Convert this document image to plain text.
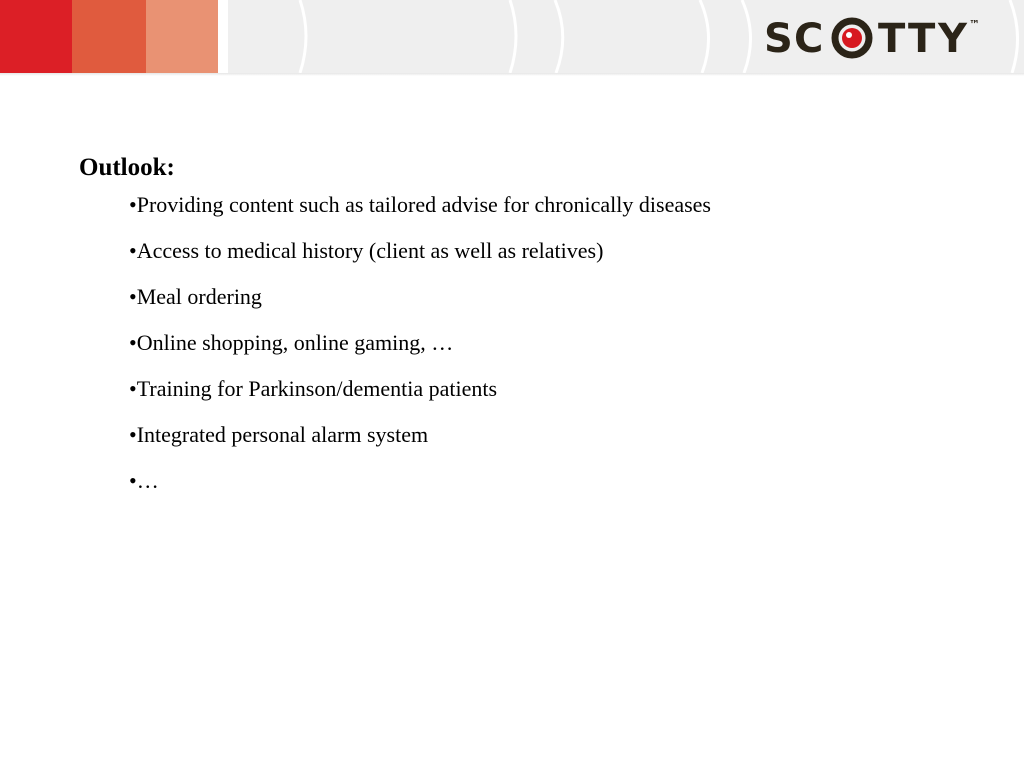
S C T T Y ™
Outlook:
•Providing content such as tailored advise for chronically diseases
•Access to medical history (client as well as relatives)
•Meal ordering
•Online shopping, online gaming, …
•Training for Parkinson/dementia patients
•Integrated personal alarm system
•…
